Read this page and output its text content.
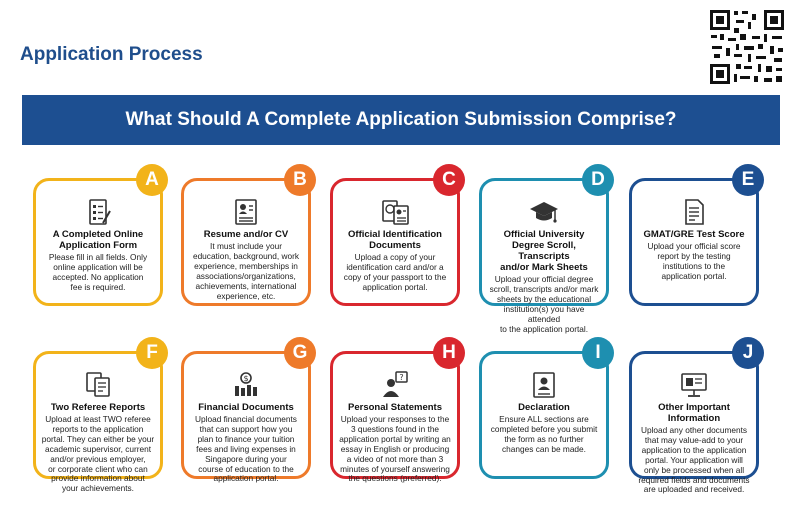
Application Process
What Should A Complete Application Submission Comprise?
A
A Completed Online
Application Form
Please fill in all fields. Only
online application will be
accepted. No application
fee is required.
B
Resume and/or CV
It must include your
education, background, work
experience, memberships in
associations/organizations,
achievements, international
experience, etc.
C
Official Identification
Documents
Upload a copy of your
identification card and/or a
copy of your passport to the
application portal.
D
Official University
Degree Scroll, Transcripts
and/or Mark Sheets
Upload your official degree
scroll, transcripts and/or mark
sheets by the educational
institution(s) you have attended
to the application portal.
E
GMAT/GRE Test Score
Upload your official score
report by the testing
institutions to the
application portal.
F
Two Referee Reports
Upload at least TWO referee
reports to the application
portal. They can either be your
academic supervisor, current
and/or previous employer,
or corporate client who can
provide information about
your achievements.
G
$
Financial Documents
Upload financial documents
that can support how you
plan to finance your tuition
fees and living expenses in
Singapore during your
course of education to the
application portal.
H
?
Personal Statements
Upload your responses to the
3 questions found in the
application portal by writing an
essay in English or producing
a video of not more than 3
minutes of yourself answering
the questions (preferred).
I
Declaration
Ensure ALL sections are
completed before you submit
the form as no further
changes can be made.
J
Other Important
Information
Upload any other documents
that may value-add to your
application to the application
portal. Your application will
only be processed when all
required fields and documents
are uploaded and received.
